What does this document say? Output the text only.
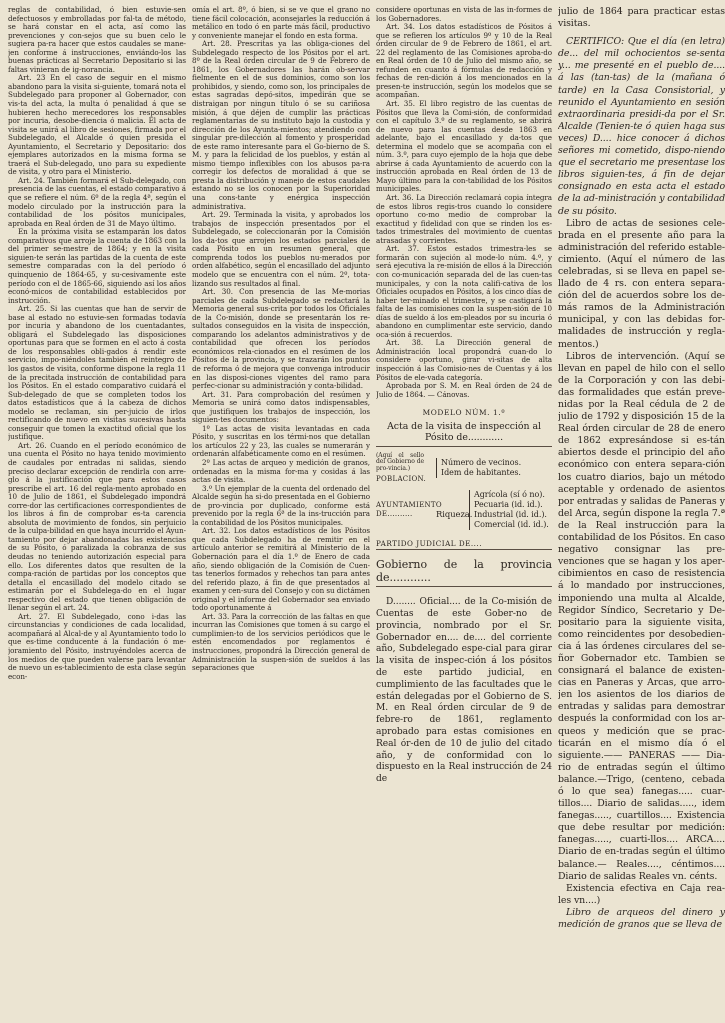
reglas de contabilidad, ó bien estuvie-sen defectuosos y embrolladas por fal-ta de método, se hará constar en el acta, así como las prevenciones y con-sejos que su buen celo le sugiera pa-ra hacer que estos caudales se mane-jen conforme á instrucciones, enviándo-los las buenas prácticas al Secretario Depositario si las faltas vinieran de ig-norancia.

Art. 23 En el caso de seguir en el mismo abandono para la visita si-guiente, tomará nota el Subdelegado para proponer al Gobernador, con vis-ta del acta, la multa ó penalidad á que se hubieren hecho merecedores los responsables por incuria, desobe-diencia ó malicia. El acta de visita se unirá al libro de sesiones, firmada por el Subdelegado, el Alcalde ó quien presida el Ayuntamiento, el Secretario y Depositario: dos ejemplares autorizados en la misma forma se traerá el Sub-delegado, uno para su expediente de visita, y otro para el Ministerio.

Art. 24. También formará el Sub-delegado, con presencia de las cuentas, el estado comparativo á que se refiere el núm. 6º de la regla 4ª, según el modelo circulado por la instrucción para la contabilidad de los pósitos municipales, aprobada en Real órden de 31 de Mayo último.

En la próxima visita se estamparán los datos comparativos que arroje la cuenta de 1863 con la del primer se-mestre de 1864; y en la visita siguien-te serán las partidas de la cuenta de este semestre comparadas con la del período ó quinquenio de 1864-65, y su-cesivamente este período con el de 1865-66, siguiendo así los años econó-micos de contabilidad establecidos por instrucción.

Art. 25. Si las cuentas que han de servir de base al estado no estuvie-sen formadas todavía por incuria y abandono de los cuentadantes, obligará el Subdelegado las disposiciones oportunas para que se formen en el acto á costa de los responsables obli-gados á rendir este servicio, impo-niéndoles también el reintegro de los gastos de visita, conforme dispone la regla 11 de la precitada instrucción de contabilidad para los Pósitos. En el estado comparativo cuidará el Sub-delegado de que se completen todos los datos estadísticos que á la cabeza de dichos modelo se reclaman, sin per-juicio de irlos rectificando de nuevo en visitas sucesivas hasta conseguir que tomen la exactitud oficial que los justifique.

Art. 26. Cuando en el período económico de una cuenta el Pósito no haya tenido movimiento de caudales por entradas ni salidas, siendo preciso declarar excepción de rendirla con arre-glo á la justificación que para estos casos prescribe el art. 16 del regla-mento aprobado en 10 de Julio de 1861, el Subdelegado impondrá corre-dor las certificaciones correspondientes de los libros á fin de comprobar es-ta carencia absoluta de movimiento de fondos, sin perjuicio de la culpa-bilidad en que haya incurrido el Ayun-tamiento por dejar abandonadas las existencias de su Pósito, ó paralizada la cobranza de sus deudas no teniendo autorización especial para ello. Los diferentes datos que resulten de la compa-ración de partidas por los conceptos que detalla el encasillado del modelo citado se estimarán por el Subdelega-do en el lugar respectivo del estado que tienen obligación de llenar según el art. 24.

Art. 27. El Subdelegado, cono i-das las circunstancias y condiciones de cada localidad, acompañará al Alcal-de y al Ayuntamiento todo lo que es-time conducente á la fundación ó me-joramiento del Pósito, instruyéndoles acerca de los medios de que pueden valerse para levantar de nuevo un es-tablecimiento de esta clase según econ-

omía el art. 8º, ó bien, si se ve que el grano no tiene fácil colocación, aconsejarles la reducción á metálico en todo ó en parte más fácil, productivo y conveniente manejar el fondo en esta forma.

Art. 28. Prescritas ya las obliga-ciones del Subdelegado respecto de los Pósitos por el art. 8º de la Real órden circular de 9 de Febrero de 1861, los Gobernadores las harán ob-servar fielmente en el de sus dominios, como son los prohibidos, y siendo, como son, los principales de estas sagradas depó-sitos, impedirán que se distraigan por ningun título ó se su cariñosa misión, á que déjen de cumplir las prácticas reglamentarias de su instituto bajo la custodia y dirección de los Ayunta-mientos; atendiendo con singular pre-dilección al fomento y prosperidad de este ramo interesante para el Go-bierno de S. M. y para la felicidad de los pueblos, y están al mismo tiempo inflexibles con los abusos pa-ra corregir los defectos de moralidad á que se presta la distribución y manejo de estos caudales estando no se los conocen por la Superioridad una cons-tante y enérgica inspección administrativa.

Art. 29. Terminada la visita, y aprobados los trabajos de inspección presentados por el Subdelegado, se coleccionarán por la Comisión los da-tos que arrojen los estados parciales de cada Pósito en un resumen general, que comprenda todos los pueblos nu-merados por orden alfabético, según el encasillado del adjunto modelo que se encuentra con el núm. 2º, tota-lizando sus resultados al final.

Art. 30. Con presencia de las Me-morias parciales de cada Subdelegado se redactará la Memoria general sus-crita por todos los Oficiales de la Co-misión, donde se presentarán los re-sultados conseguidos en la visita de inspección, comparando los adelantos administrativos y de contabilidad que ofrecen los períodos económicos rela-cionados en el resúmen de los Pósitos de la provincia, y se trazarán los puntos de reforma ó de mejora que convenga introducir en las disposi-ciones vigentes del ramo para perfec-cionar su administración y conta-bilidad.

Art. 31. Para comprobación del resúmen y Memoria se unirá como datos indispensables, que justifiquen los trabajos de inspección, los siguien-tes documentos:

1º Las actas de visita levantadas en cada Pósito, y suscritas en los térmi-nos que detallan los artículos 22 y 23, las cuales se numerarán y ordenarán alfabéticamente como en el resúmen.

2º Las actas de arqueo y medición de granos, ordenadas en la misma for-ma y cosidas á las actas de visita.

3.º Un ejemplar de la cuenta del ordenado del Alcalde según ha si-do presentada en el Gobierno de pro-vincia por duplicado, conforme está prevenido por la regla 6ª de la ins-trucción para la contabilidad de los Pósitos municipales.

Art. 32. Los datos estadísticos de los Pósitos que cada Subdelegado ha de remitir en el artículo anterior se remitirá al Ministerio de la Gobernación para el día 1.º de Enero de cada año, siendo obligación de la Comisión de Cuen-tas tenerlos formados y rehechos tan para antes del referido plazo, á fin de que presentados al examen y cen-sura del Consejo y con su dictámen original y el informe del Gobernador sea enviado todo oportunamente á

Art. 33. Para la corrección de las faltas en que incurran las Comisiones que tomen á su cargo el cumplimien-to de los servicios periódicos que le estén encomendados por reglamentos é instrucciones, propondrá la Dirección general de Administración la suspen-sión de sueldos á las separaciones que

considere oportunas en vista de las in-formes de los Gobernadores.

Art. 34. Los datos estadísticos de Pósitos á que se refieren los artículos 9º y 10 de la Real órden circular de 9 de Febrero de 1861, el art. 22 del reglamento de las Comisiones aproba-do en Real órden de 10 de Julio del mismo año, se refunden en cuanto á fórmulas de redacción y fechas de ren-dición á los mencionados en la presen-te instrucción, según los modelos que se acompañan.

Art. 35. El libro registro de las cuentas de Pósitos que lleva la Comi-sión, de conformidad con el capítulo 3.º de su reglamento, se abrirá de nuevo para las cuentas desde 1863 en adelante, bajo el encasillado y da-tos que determina el modelo que se acompaña con el núm. 3.º, para cuyo ejemplo de la hoja que debe abrirse á cada Ayuntamiento de acuerdo con la instrucción aprobada en Real órden de 13 de Mayo último para la con-tabilidad de los Pósitos municipales.

Art. 36. La Dirección reclamará copia íntegra de estos libros regis-tros cuando lo considere oportuno co-mo medio de comprobar la exactitud y fidelidad con que se rinden los es-tados trimestrales del movimiento de cuentas atrasadas y corrientes.

Art. 37. Estos estados trimestra-les se formarán con sujeción al mode-lo núm. 4.º, y será ejecutiva la re-misión de ellos á la Dirección con co-municación separada del de las cuen-tas municipales, y con la nota califi-cativa de los Oficiales ocupados en Pósitos, á los cinco días de haber ter-minado el trimestre, y se castigará la falta de las comisiones con la suspen-sión de 10 días de sueldo á los em-pleados por su incuria ó abandono en cumplimentar este servicio, dando oca-sión á recuerdos.

Art. 38. La Dirección general de Administración local propondrá cuan-do lo considere oportuno, girar vi-sitas de alta inspección á las Comisio-nes de Cuentas y á los Pósitos de ele-vada categoría.

Aprobada por S. M. en Real órden de 24 de Julio de 1864. — Cánovas.

MODELO NÚM. 1.º
Acta de la visita de inspección al Pósito de............
(Aquí el sello del Gobierno de pro-vincia.)
POBLACION.
Número de vecinos.
Idem de habitantes.
AYUNTAMIENTO DE..........	Riqueza.
Agrícola (sí ó no).
Pecuaria (id. id.).
Industrial (id. id.).
Comercial (id. id.).
PARTIDO JUDICIAL DE....
Gobierno de la provincia de............

D........ Oficial.... de la Co-misión de Cuentas de este Gober-no de provincia, nombrado por el Sr. Gobernador en.... de.... del corriente año, Subdelegado espe-cial para girar la visita de inspec-ción á los pósitos de este partido judicial, en cumplimiento de las facultades que le están delegadas por el Gobierno de S. M. en Real órden circular de 9 de febre-ro de 1861, reglamento aprobado para estas comisiones en Real ór-den de 10 de julio del citado año, y de conformidad con lo dispuesto en la Real instrucción de 24 de

julio de 1864 para practicar estas visitas.

CERTIFICO: Que el día (en letra) de... del mil ochocientos se-senta y... me presenté en el pueblo de.... á las (tan-tas) de la (mañana ó tarde) en la Casa Consistorial, y reunido el Ayuntamiento en sesión extraordinaria presidi-da por el Sr. Alcalde (Tenien-te ó quien haga sus veces) D.... hice conocer á dichos señores mi cometido, dispo-niendo que el secretario me presentase los libros siguien-tes, á fin de dejar consignado en esta acta el estado de la ad-ministración y contabilidad de su pósito.

Libro de actas de sesiones cele-brada en el presente año para la administración del referido estable-cimiento. (Aquí el número de las celebradas, si se lleva en papel se-llado de 4 rs. con entera separa-ción del de acuerdos sobre los de-más ramos de la Administración municipal, y con las debidas for-malidades de instrucción y regla-mentos.)

Libros de intervención. (Aquí se llevan en papel de hilo con el sello de la Corporación y con las debi-das formalidades que están preve-nidas por la Real cédula de 2 de julio de 1792 y disposición 15 de la Real órden circular de 28 de enero de 1862 expresándose si es-tán abiertos desde el principio del año económico con entera separa-ción los cuatro diarios, bajo un método aceptable y ordenado de asientos por entradas y salidas de Paneras y del Arca, según dispone la regla 7.ª de la Real instrucción para la contabilidad de los Pósitos. En caso negativo consignar las pre-venciones que se hagan y los aper-cibimientos en caso de resistencia á lo mandado por instrucciones, imponiendo una multa al Alcalde, Regidor Síndico, Secretario y De-positario para la siguiente visita, como reincidentes por desobedien-cia á las órdenes circulares del se-ñor Gobernador etc. Tambien se consignará el balance de existen-cias en Paneras y Arcas, que arro-jen los asientos de los diarios de entradas y salidas para demostrar después la conformidad con los ar-queos y medición que se prac-ticarán en el mismo día ó el siguiente.—— PANERAS —— Dia-rio de entradas según el último balance.—Trigo, (centeno, cebada ó lo que sea) fanegas..... cuar-tillos.... Diario de salidas....., idem fanegas....., cuartillos.... Existencia que debe resultar por medición: fanegas....., cuarti-llos.... ARCA.... Diario de en-tradas según el último balance.— Reales...., céntimos.... Diario de salidas Reales vn. cénts.

Existencia efectiva en Caja rea-les vn....)

Libro de arqueos del dinero y medición de granos que se lleva de
